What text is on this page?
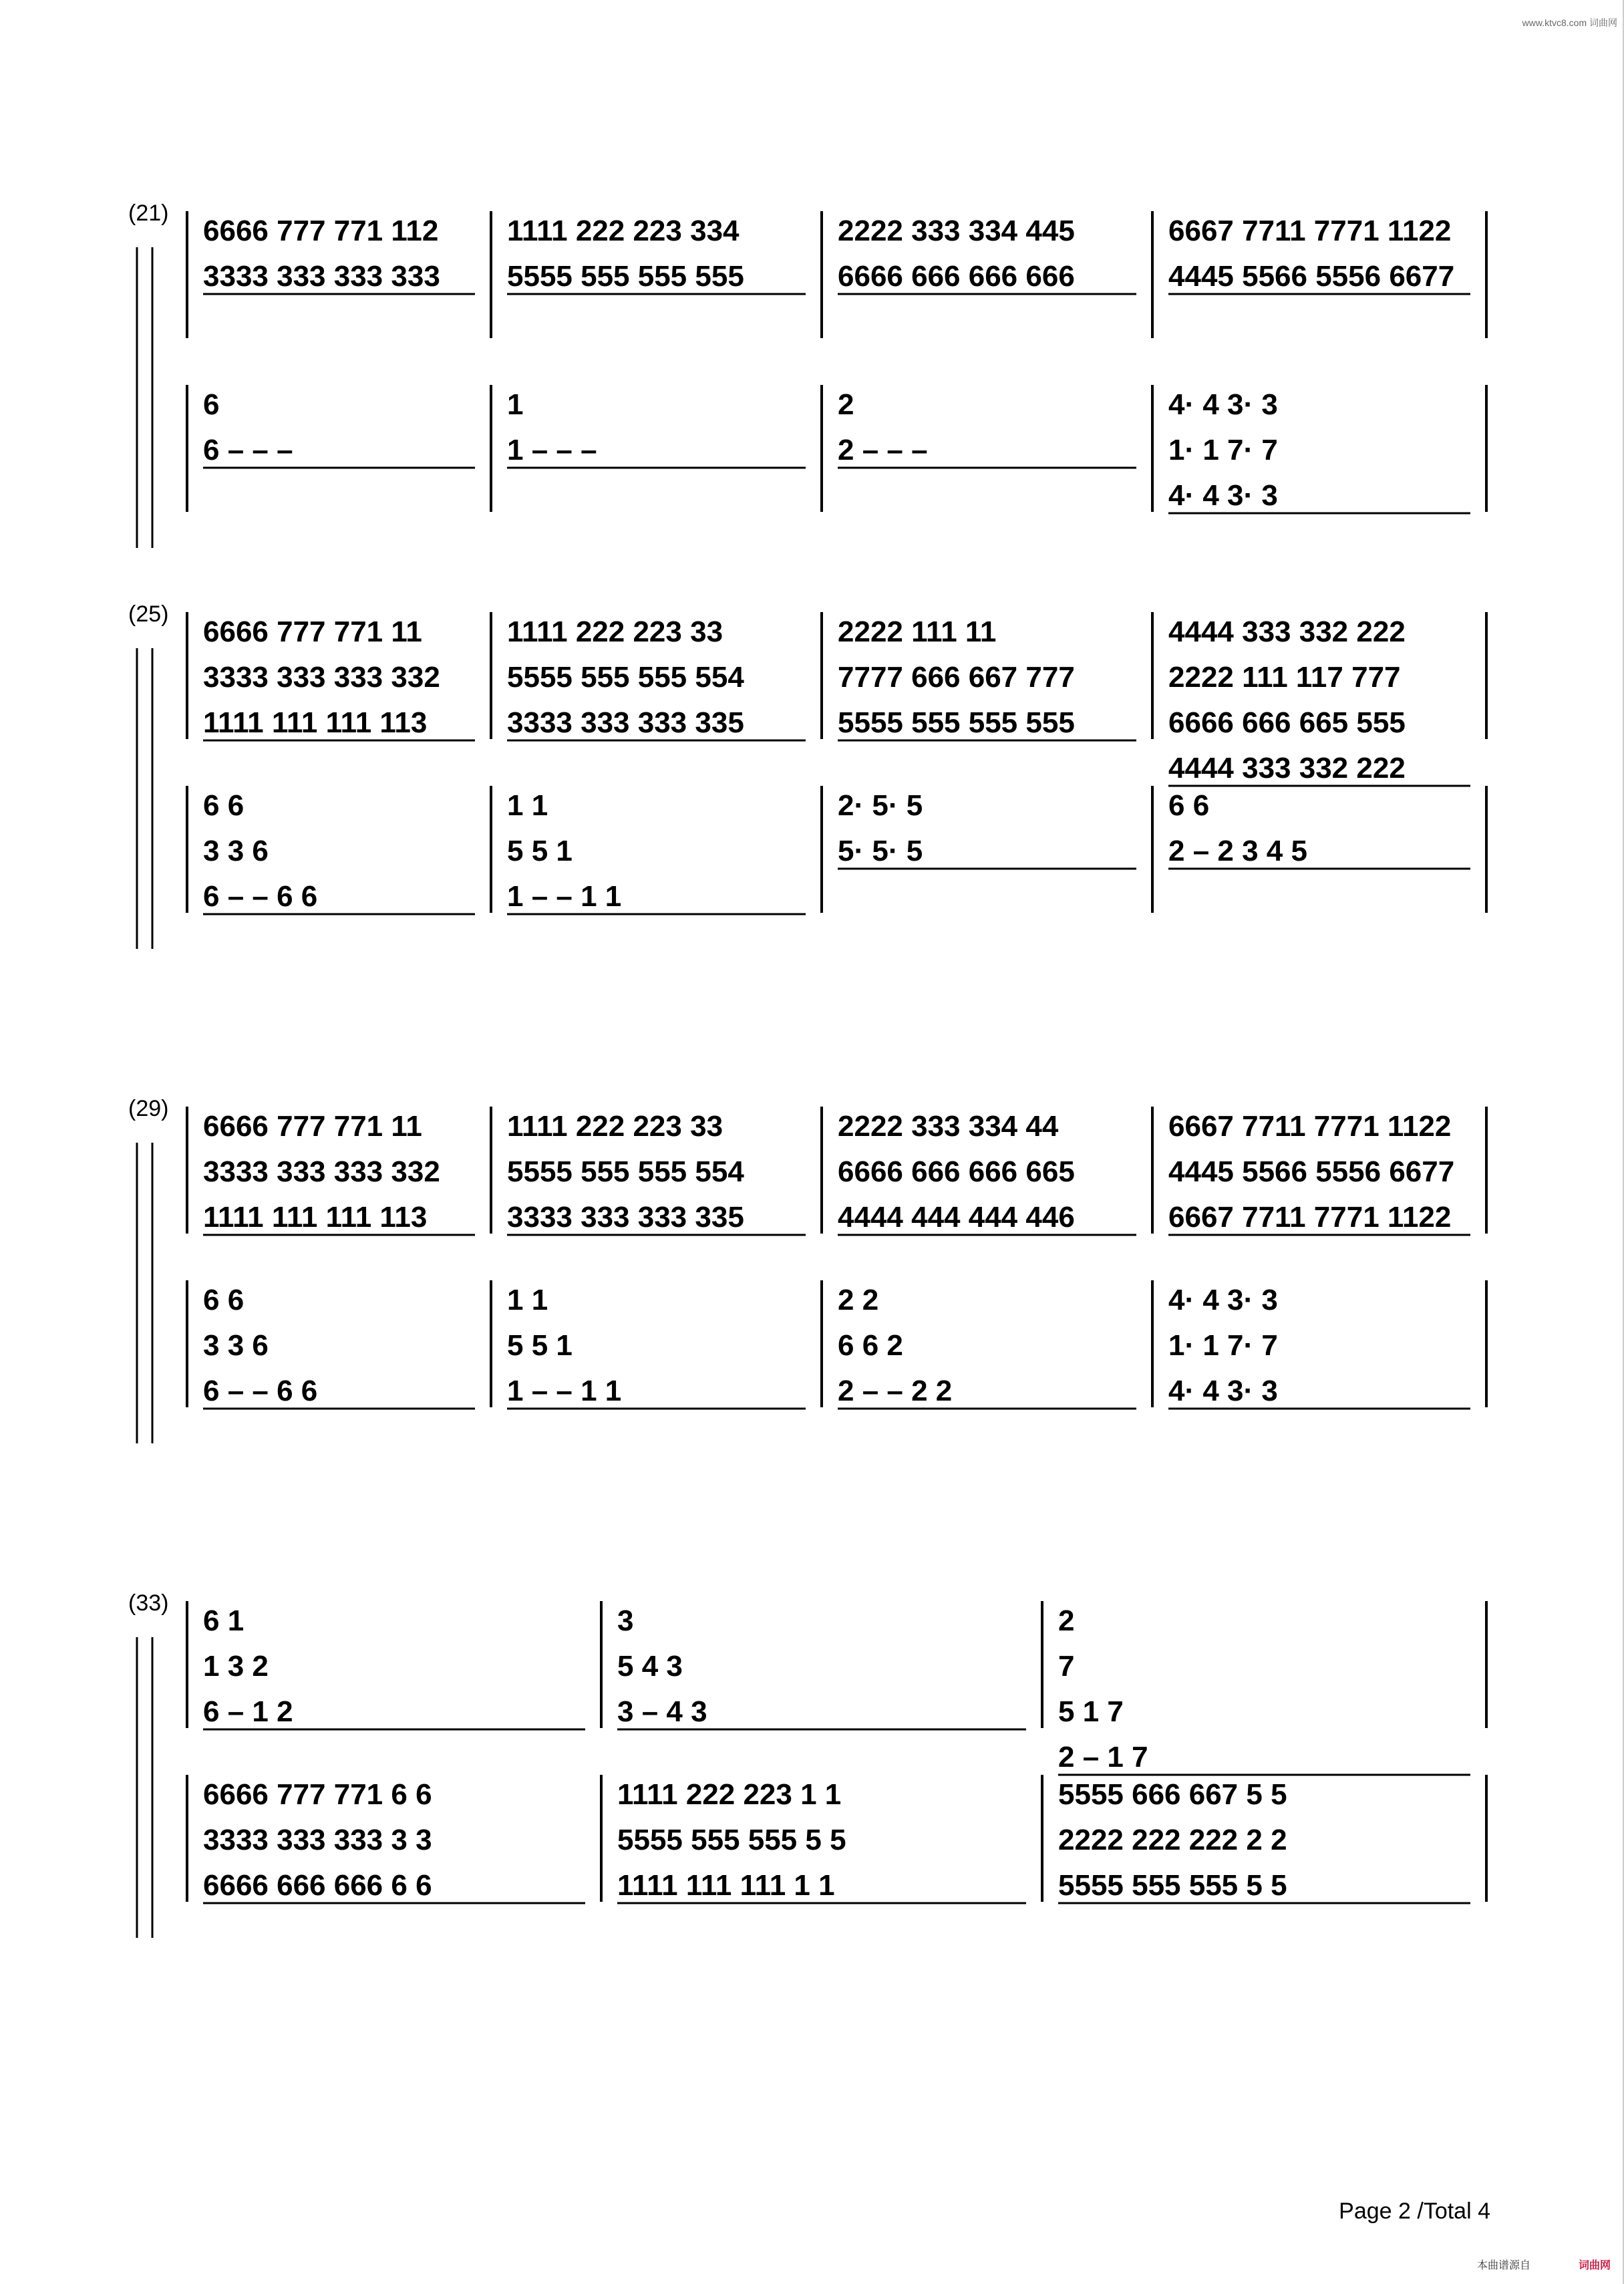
www.ktvc8.com 词曲网
(21)
6666 777 771 112
3333 333 333 333
1111 222 223 334
5555 555 555 555
2222 333 334 445
6666 666 666 666
6667 7711 7771 1122
4445 5566 5556 6677
6
6 – – –
1
1 – – –
2
2 – – –
4· 4 3· 3
1· 1 7· 7
4· 4 3· 3
(25)
6666 777 771 11
3333 333 333 332
1111 111 111 113
1111 222 223 33
5555 555 555 554
3333 333 333 335
2222 111 11
7777 666 667 777
5555 555 555 555
4444 333 332 222
2222 111 117 777
6666 666 665 555
4444 333 332 222
6 6
3 3 6
6 – – 6 6
1 1
5 5 1
1 – – 1 1
2· 5· 5
5· 5· 5
6 6
2 – 2 3 4 5
(29)
6666 777 771 11
3333 333 333 332
1111 111 111 113
1111 222 223 33
5555 555 555 554
3333 333 333 335
2222 333 334 44
6666 666 666 665
4444 444 444 446
6667 7711 7771 1122
4445 5566 5556 6677
6667 7711 7771 1122
6 6
3 3 6
6 – – 6 6
1 1
5 5 1
1 – – 1 1
2 2
6 6 2
2 – – 2 2
4· 4 3· 3
1· 1 7· 7
4· 4 3· 3
(33)
6 1
1 3 2
6 – 1 2
3
5 4 3
3 – 4 3
2
7
5 1 7
2 – 1 7
6666 777 771 6 6
3333 333 333 3 3
6666 666 666 6 6
1111 222 223 1 1
5555 555 555 5 5
1111 111 111 1 1
5555 666 667 5 5
2222 222 222 2 2
5555 555 555 5 5
Page 2 /Total 4
本曲谱源自	词曲网
